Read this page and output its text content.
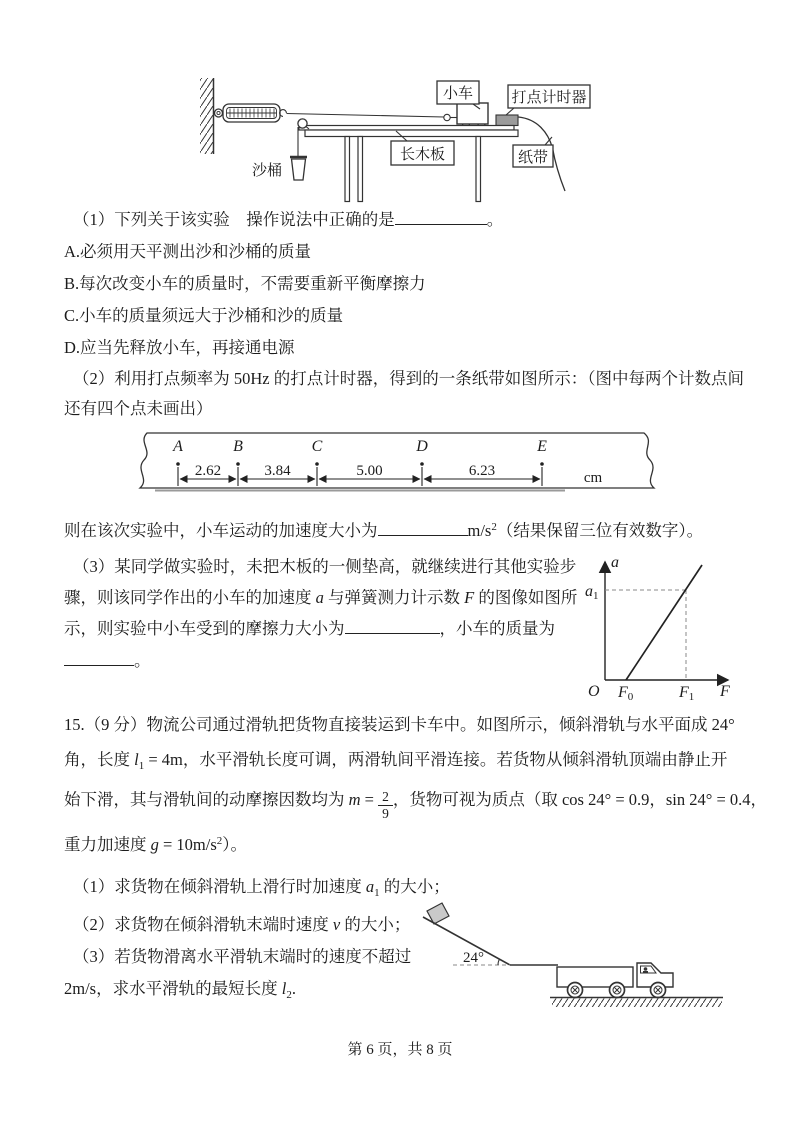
沙桶
小车	打点计时器
长木板	纸带
（1）下列关于该实验　操作说法中正确的是	。
A.必须用天平测出沙和沙桶的质量
B.每次改变小车的质量时，不需要重新平衡摩擦力
C.小车的质量须远大于沙桶和沙的质量
D.应当先释放小车，再接通电源
（2）利用打点频率为 50Hz 的打点计时器，得到的一条纸带如图所示：（图中每两个计数点间
还有四个点未画出）
A	B	C	D	E
2.62	3.84	5.00	6.23	cm
则在该次实验中，小车运动的加速度大小为	$m/s^2$（结果保留三位有效数字）。
（3）某同学做实验时，未把木板的一侧垫高，就继续进行其他实验步
骤，则该同学作出的小车的加速度 a 与弹簧测力计示数 F 的图像如图所
示，则实验中小车受到的摩擦力大小为	，小车的质量为
。
a
O	F
a1
F0	F1
15.（9 分）物流公司通过滑轨把货物直接装运到卡车中。如图所示，倾斜滑轨与水平面成 24°
角，长度 $l_1 = 4m$，水平滑轨长度可调，两滑轨间平滑连接。若货物从倾斜滑轨顶端由静止开
始下滑，其与滑轨间的动摩擦因数均为 $m = \frac{2}{9}$ ，货物可视为质点（取 cos 24° = 0.9，sin 24° = 0.4，
重力加速度 $g = 10m/s^2$）。
（1）求货物在倾斜滑轨上滑行时加速度 $a_1$ 的大小；
（2）求货物在倾斜滑轨末端时速度 v 的大小；
（3）若货物滑离水平滑轨末端时的速度不超过
2m/s，求水平滑轨的最短长度 $l_2$.
24°
第 6 页，共 8 页
